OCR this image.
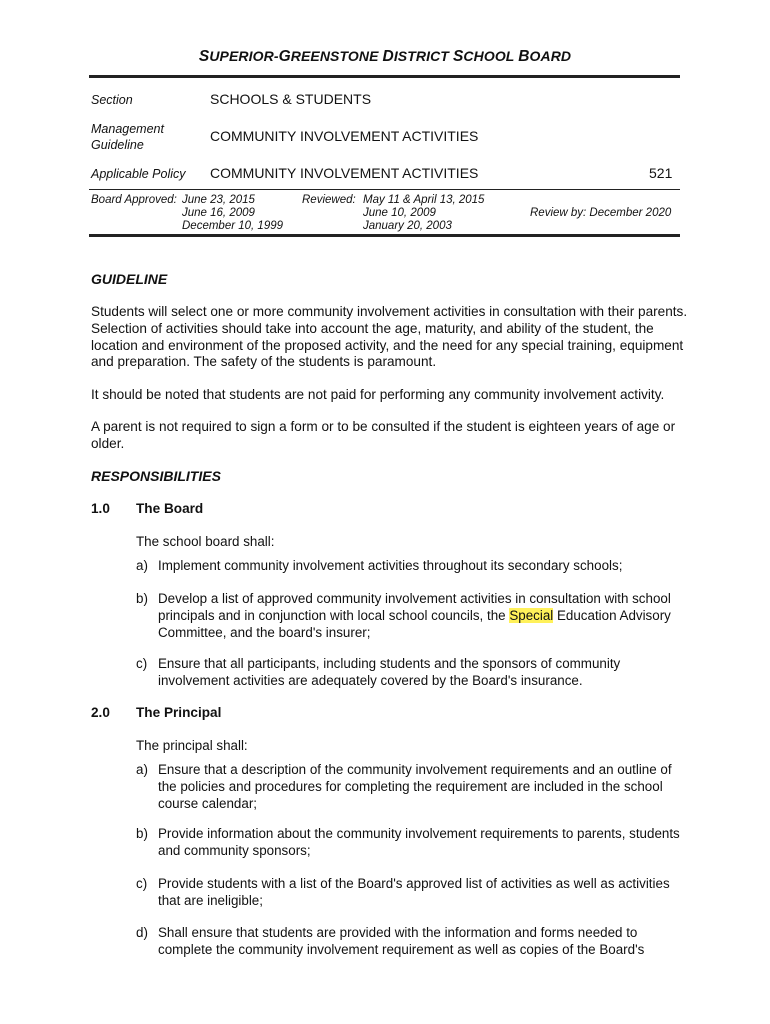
SUPERIOR-GREENSTONE DISTRICT SCHOOL BOARD
Section	SCHOOLS & STUDENTS
Management
Guideline
COMMUNITY INVOLVEMENT ACTIVITIES
Applicable Policy COMMUNITY INVOLVEMENT ACTIVITIES	521
Board Approved: June 23, 2015
June 16, 2009
December 10, 1999
Reviewed: May 11 & April 13, 2015
June 10, 2009
January 20, 2003
Review by: December 2020
GUIDELINE
Students will select one or more community involvement activities in consultation with their parents. Selection of activities should take into account the age, maturity, and ability of the student, the location and environment of the proposed activity, and the need for any special training, equipment and preparation. The safety of the students is paramount.
It should be noted that students are not paid for performing any community involvement activity.
A parent is not required to sign a form or to be consulted if the student is eighteen years of age or older.
RESPONSIBILITIES
1.0 The Board
The school board shall:
a) Implement community involvement activities throughout its secondary schools;
b) Develop a list of approved community involvement activities in consultation with school principals and in conjunction with local school councils, the Special Education Advisory Committee, and the board's insurer;
c) Ensure that all participants, including students and the sponsors of community involvement activities are adequately covered by the Board's insurance.
2.0 The Principal
The principal shall:
a) Ensure that a description of the community involvement requirements and an outline of the policies and procedures for completing the requirement are included in the school course calendar;
b) Provide information about the community involvement requirements to parents, students and community sponsors;
c) Provide students with a list of the Board's approved list of activities as well as activities that are ineligible;
d) Shall ensure that students are provided with the information and forms needed to complete the community involvement requirement as well as copies of the Board's
